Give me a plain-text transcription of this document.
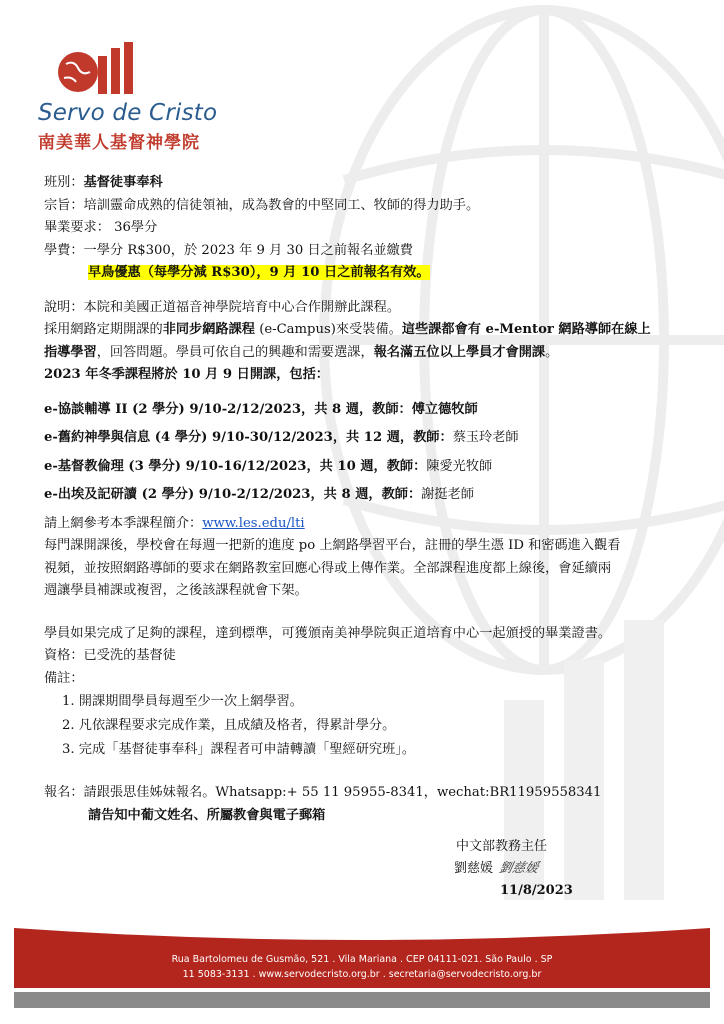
Servo de Cristo
南美華人基督神學院
班別：基督徒事奉科
宗旨：培訓靈命成熟的信徒領袖，成為教會的中堅同工、牧師的得力助手。
畢業要求： 36學分
學費：一學分 R$300，於 2023 年 9 月 30 日之前報名並繳費
早鳥優惠（每學分減 R$30），9 月 10 日之前報名有效。
說明：本院和美國正道福音神學院培育中心合作開辦此課程。
採用網路定期開課的非同步網路課程 (e-Campus)來受裝備。這些課都會有 e-Mentor 網路導師在線上
指導學習，回答問題。學員可依自己的興趣和需要選課，報名滿五位以上學員才會開課。
2023 年冬季課程將於 10 月 9 日開課，包括：
e-協談輔導 II (2 學分) 9/10-2/12/2023，共 8 週，教師：傅立德牧師
e-舊約神學與信息 (4 學分) 9/10-30/12/2023，共 12 週，教師：蔡玉玲老師
e-基督教倫理 (3 學分) 9/10-16/12/2023，共 10 週，教師：陳愛光牧師
e-出埃及記研讀 (2 學分) 9/10-2/12/2023，共 8 週，教師：謝挺老師
請上網參考本季課程簡介：www.les.edu/lti
每門課開課後，學校會在每週一把新的進度 po 上網路學習平台，註冊的學生憑 ID 和密碼進入觀看
視頻，並按照網路導師的要求在網路教室回應心得或上傳作業。全部課程進度都上線後，會延續兩
週讓學員補課或複習，之後該課程就會下架。
學員如果完成了足夠的課程，達到標準，可獲頒南美神學院與正道培育中心一起頒授的畢業證書。
資格：已受洗的基督徒
備註：
1. 開課期間學員每週至少一次上網學習。
2. 凡依課程要求完成作業，且成績及格者，得累計學分。
3. 完成「基督徒事奉科」課程者可申請轉讀「聖經研究班」。
報名：請跟張思佳姊妹報名。Whatsapp:+ 55 11 95955-8341，wechat:BR11959558341
請告知中葡文姓名、所屬教會與電子郵箱
中文部教務主任
劉慈媛 劉慈媛
11/8/2023
Rua Bartolomeu de Gusmão, 521 . Vila Mariana . CEP 04111-021. São Paulo . SP
11 5083-3131 . www.servodecristo.org.br . secretaria@servodecristo.org.br
